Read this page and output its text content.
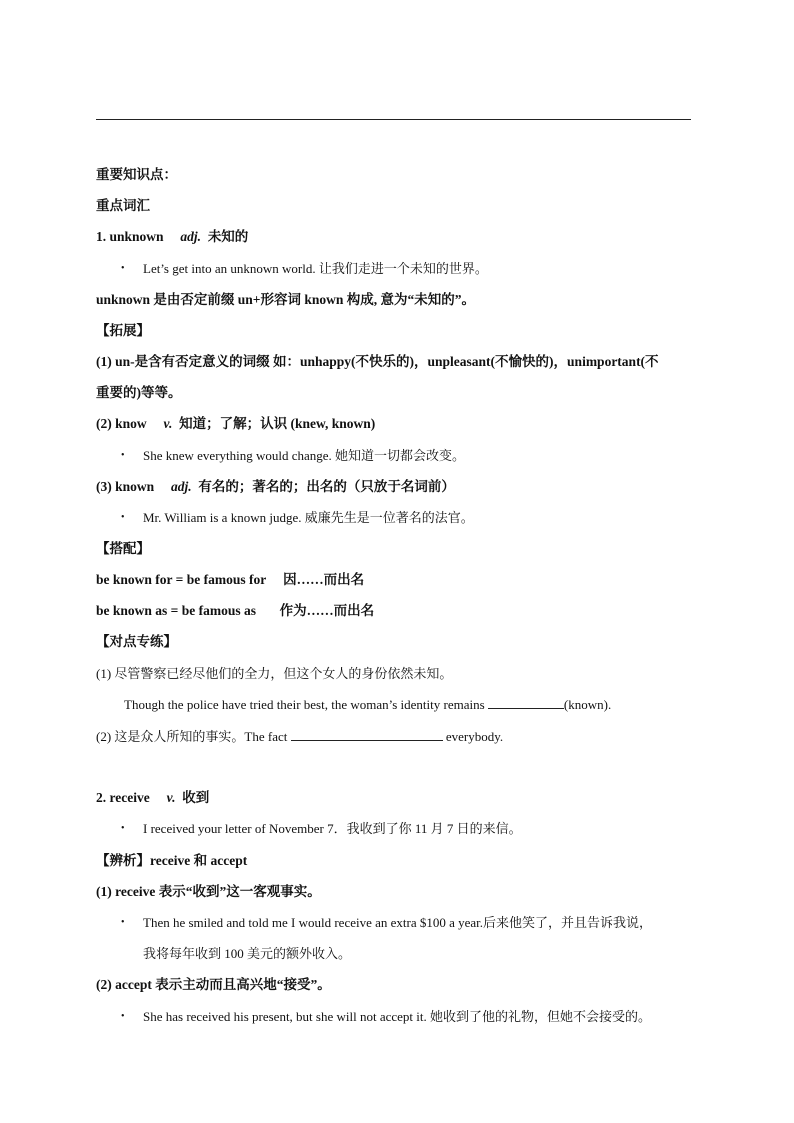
重要知识点：
重点词汇
1. unknown adj. 未知的
• Let’s get into an unknown world. 让我们走进一个未知的世界。
unknown 是由否定前缀 un+形容词 known 构成, 意为“未知的”。
【拓展】
(1) un-是含有否定意义的词缀 如：unhappy(不快乐的)，unpleasant(不愉快的)，unimportant(不
重要的)等等。
(2) know v. 知道；了解；认识 (knew, known)
• She knew everything would change. 她知道一切都会改变。
(3) known adj. 有名的；著名的；出名的（只放于名词前）
• Mr. William is a known judge. 威廉先生是一位著名的法官。
【搭配】
be known for = be famous for 因……而出名
be known as = be famous as 作为……而出名
【对点专练】
(1) 尽管警察已经尽他们的全力，但这个女人的身份依然未知。
Though the police have tried their best, the woman’s identity remains	(known).
(2) 这是众人所知的事实。The fact	everybody.
2. receive v. 收到
• I received your letter of November 7．我收到了你 11 月 7 日的来信。
【辨析】receive 和 accept
(1) receive 表示“收到”这一客观事实。
• Then he smiled and told me I would receive an extra $100 a year.后来他笑了，并且告诉我说，
我将每年收到 100 美元的额外收入。
(2) accept 表示主动而且高兴地“接受”。
• She has received his present, but she will not accept it. 她收到了他的礼物，但她不会接受的。
